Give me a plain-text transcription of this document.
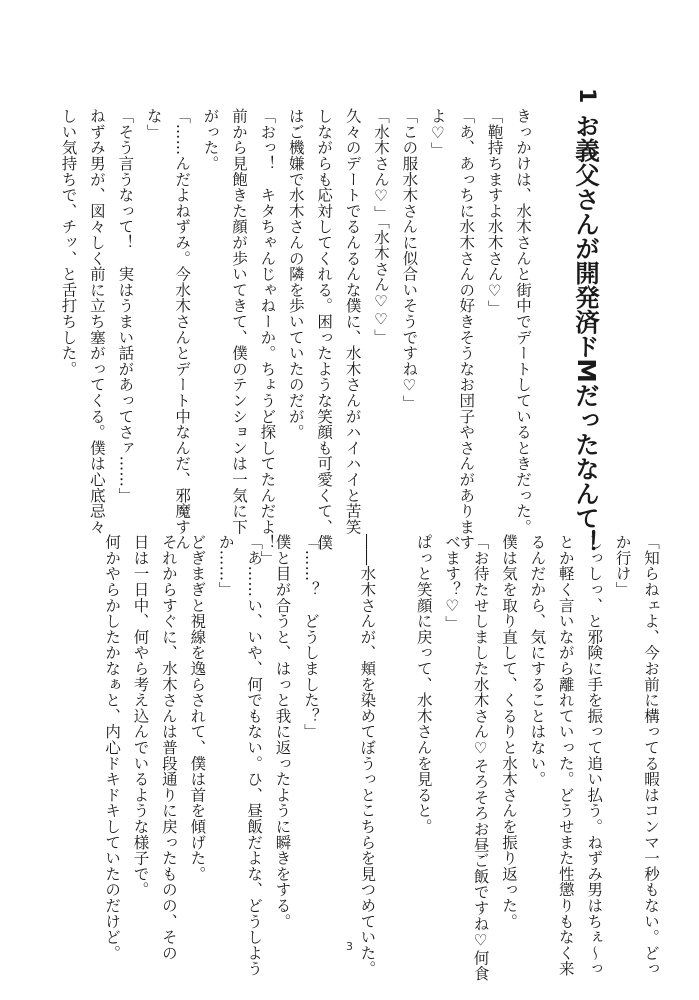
1お義父さんが開発済ドMだったなんて！
きっかけは、水木さんと街中でデートしているときだった。
「鞄持ちますよ水木さん♡」
「あ、あっちに水木さんの好きそうなお団子やさんがあります
よ♡」
「この服水木さんに似合いそうですね♡」
「水木さん♡」「水木さん♡♡」
久々のデートでるんるんな僕に、水木さんがハイハイと苦笑
しながらも応対してくれる。困ったような笑顔も可愛くて、僕
はご機嫌で水木さんの隣を歩いていたのだが。
「おっ！　キタちゃんじゃねーか。ちょうど探してたんだよ！」
前から見飽きた顔が歩いてきて、僕のテンションは一気に下
がった。
「……んだよねずみ。今水木さんとデート中なんだ、邪魔すん
な」
「そう言うなって！　実はうまい話があってさァ……」
ねずみ男が、図々しく前に立ち塞がってくる。僕は心底忌々
しい気持ちで、チッ、と舌打ちした。
「知らねェよ、今お前に構ってる暇はコンマ一秒もない。どっ
か行け」
しっしっ、と邪険に手を振って追い払う。ねずみ男はちぇ〜っ
とか軽く言いながら離れていった。どうせまた性懲りもなく来
るんだから、気にすることはない。
僕は気を取り直して、くるりと水木さんを振り返った。
「お待たせしました水木さん♡そろそろお昼ご飯ですね♡何食
べます？♡」
ぱっと笑顔に戻って、水木さんを見ると。
――水木さんが、頬を染めてぼうっとこちらを見つめていた。
「……？　どうしました？」
僕と目が合うと、はっと我に返ったように瞬きをする。
「あ……い、いや、何でもない。ひ、昼飯だよな、どうしよう
か……」
どぎまぎと視線を逸らされて、僕は首を傾げた。
それからすぐに、水木さんは普段通りに戻ったものの、その
日は一日中、何やら考え込んでいるような様子で。
何かやらかしたかなぁと、内心ドキドキしていたのだけど。	3
